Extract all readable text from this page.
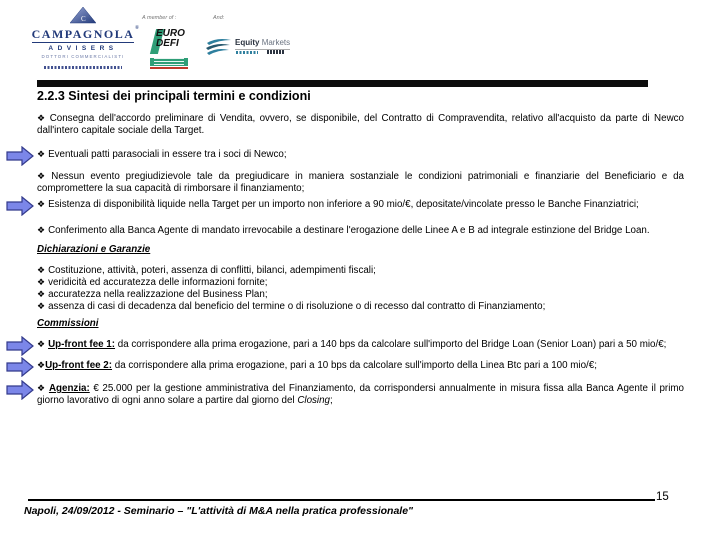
C
CAMPAGNOLA ®
ADVISERS
DOTTORI COMMERCIALISTI
A member of :
EURO
DEFI
And:
Equity Markets
2.2.3 Sintesi dei principali termini e condizioni
❖ Consegna dell'accordo preliminare di Vendita, ovvero, se disponibile, del Contratto di Compravendita, relativo all'acquisto da parte di Newco dall'intero capitale sociale della Target.
❖ Eventuali patti parasociali in essere tra i soci di Newco;
❖ Nessun evento pregiudizievole tale da pregiudicare in maniera sostanziale le condizioni patrimoniali e finanziarie del Beneficiario e da compromettere la sua capacità di rimborsare il finanziamento;
❖ Esistenza di disponibilità liquide nella Target per un importo non inferiore a 90 mio/€, depositate/vincolate presso le Banche Finanziatrici;
❖ Conferimento alla Banca Agente di mandato irrevocabile a destinare l'erogazione delle Linee A e B ad integrale estinzione del Bridge Loan.
Dichiarazioni e Garanzie
❖ Costituzione, attività, poteri, assenza di conflitti, bilanci, adempimenti fiscali;
❖ veridicità ed accuratezza delle informazioni fornite;
❖ accuratezza nella realizzazione del Business Plan;
❖ assenza di casi di decadenza dal beneficio del termine o di risoluzione o di recesso dal contratto di Finanziamento;
Commissioni
❖ Up-front fee 1: da corrispondere alla prima erogazione, pari a 140 bps da calcolare sull'importo del Bridge Loan (Senior Loan) pari a 50 mio/€;
❖Up-front fee 2: da corrispondere alla prima erogazione, pari a 10 bps da calcolare sull'importo della Linea Btc pari a 100 mio/€;
❖ Agenzia: € 25.000 per la gestione amministrativa del Finanziamento, da corrispondersi annualmente in misura fissa alla Banca Agente il primo giorno lavorativo di ogni anno solare a partire dal giorno del Closing;
15
Napoli, 24/09/2012 - Seminario – "L'attività di M&A nella pratica professionale"
